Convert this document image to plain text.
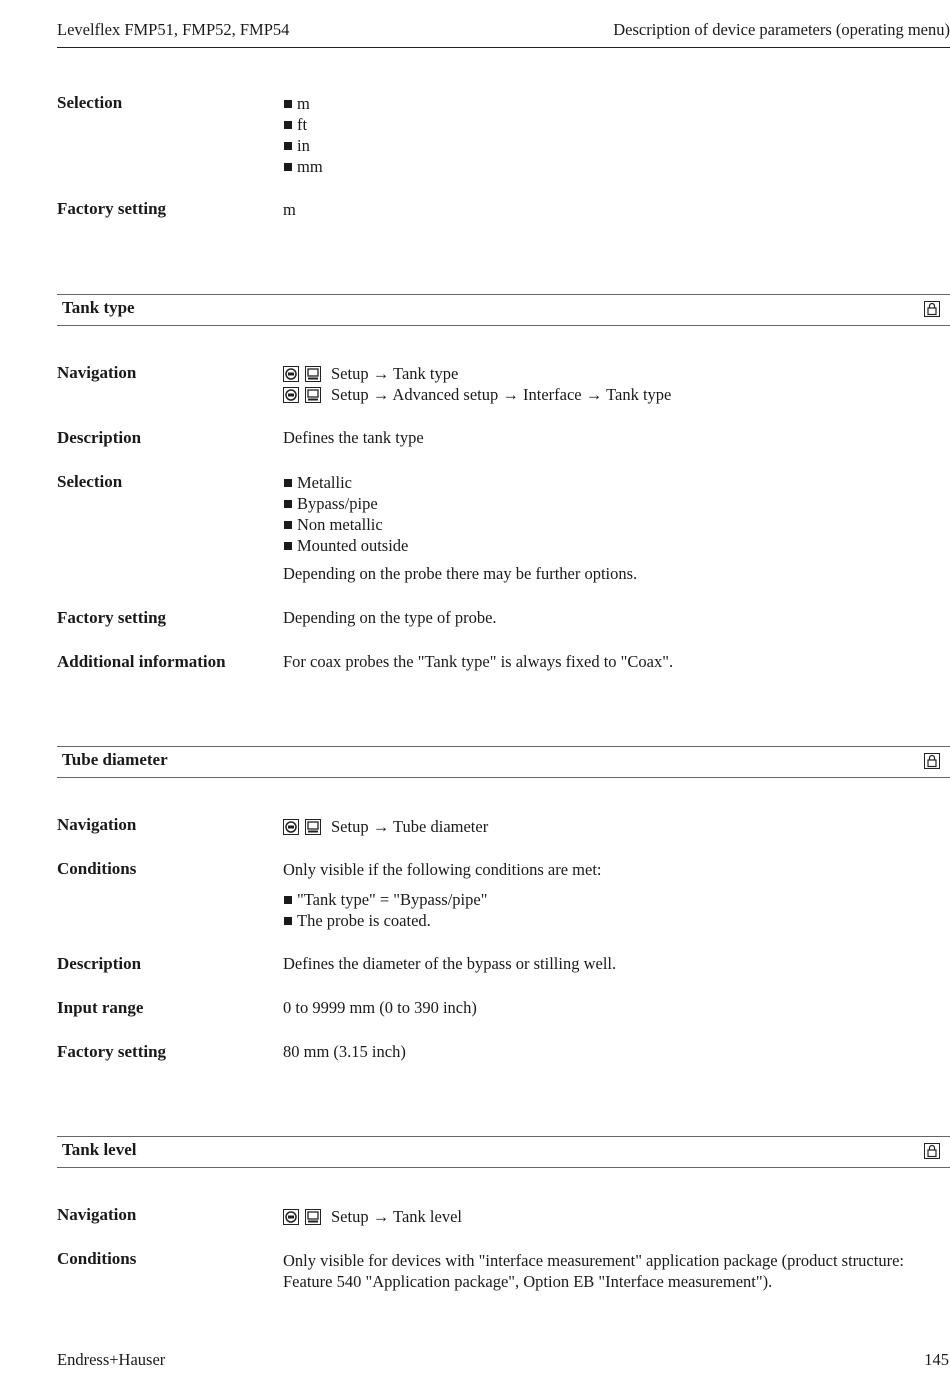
Levelflex FMP51, FMP52, FMP54	Description of device parameters (operating menu)
Selection	m
ft
in
mm
Factory setting	m
Tank type
Navigation	Setup → Tank type
Setup → Advanced setup → Interface → Tank type
Description	Defines the tank type
Selection	Metallic
Bypass/pipe
Non metallic
Mounted outside
Depending on the probe there may be further options.
Factory setting	Depending on the type of probe.
Additional information	For coax probes the "Tank type" is always fixed to "Coax".
Tube diameter
Navigation	Setup → Tube diameter
Conditions	Only visible if the following conditions are met:
"Tank type" = "Bypass/pipe"
The probe is coated.
Description	Defines the diameter of the bypass or stilling well.
Input range	0 to 9999 mm (0 to 390 inch)
Factory setting	80 mm (3.15 inch)
Tank level
Navigation	Setup → Tank level
Conditions	Only visible for devices with "interface measurement" application package (product structure:
Feature 540 "Application package", Option EB "Interface measurement").
Endress+Hauser	145
